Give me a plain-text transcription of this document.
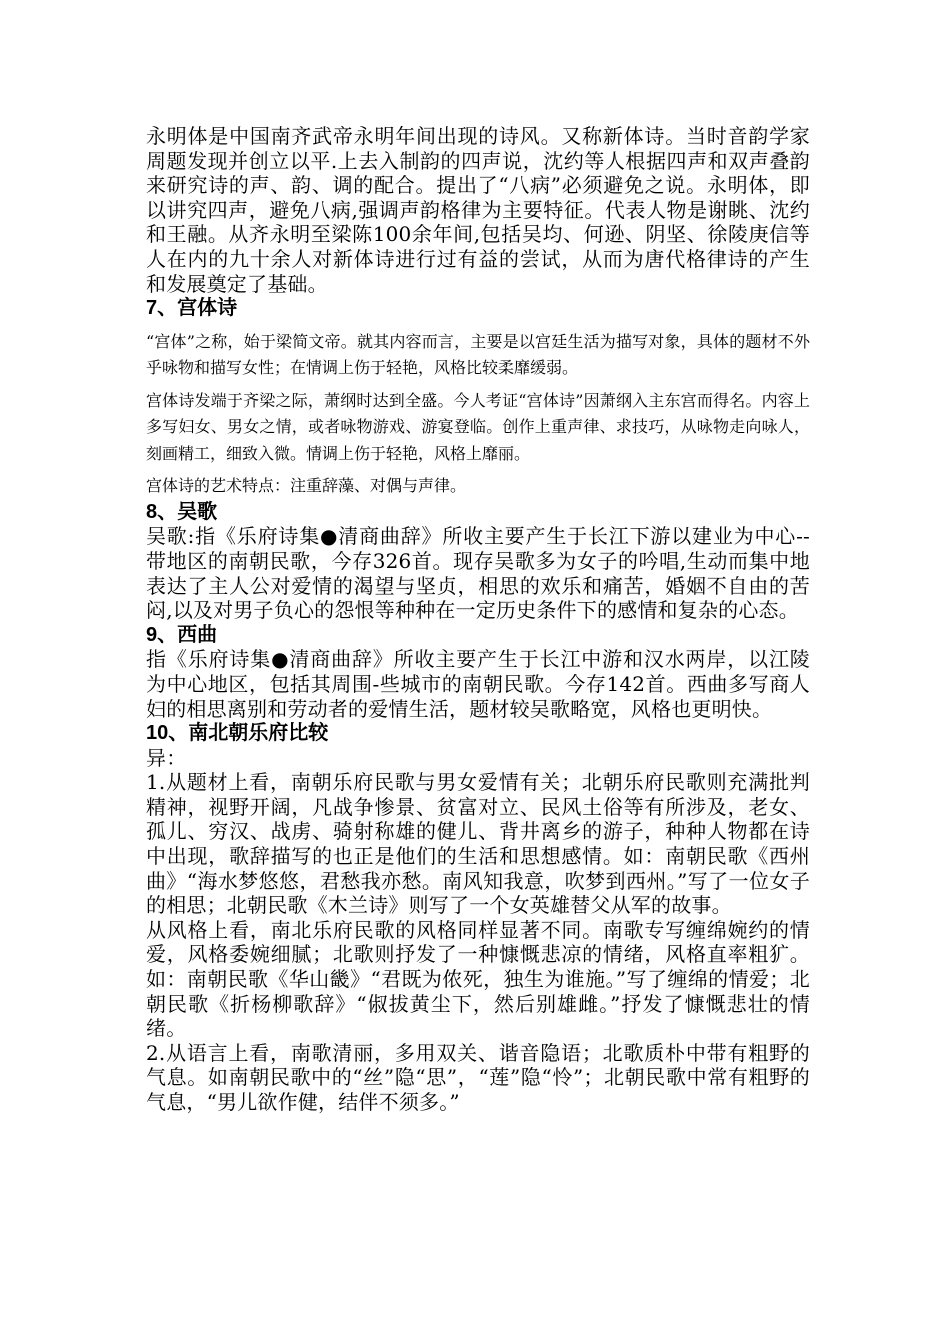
永明体是中国南齐武帝永明年间出现的诗风。又称新体诗。当时音韵学家周题发现并创立以平.上去入制韵的四声说，沈约等人根据四声和双声叠韵来研究诗的声、韵、调的配合。提出了“八病”必须避免之说。永明体，即以讲究四声，避免八病,强调声韵格律为主要特征。代表人物是谢眺、沈约和王融。从齐永明至梁陈100余年间,包括吴均、何逊、阴坚、徐陵庚信等人在内的九十余人对新体诗进行过有益的尝试，从而为唐代格律诗的产生和发展奠定了基础。

7、宫体诗

“宫体”之称，始于梁简文帝。就其内容而言，主要是以宫廷生活为描写对象，具体的题材不外乎咏物和描写女性；在情调上伤于轻艳，风格比较柔靡缓弱。

宫体诗发端于齐梁之际，萧纲时达到全盛。今人考证“宫体诗”因萧纲入主东宫而得名。内容上多写妇女、男女之情，或者咏物游戏、游宴登临。创作上重声律、求技巧，从咏物走向咏人，刻画精工，细致入微。情调上伤于轻艳，风格上靡丽。

宫体诗的艺术特点：注重辞藻、对偶与声律。

8、吴歌

吴歌:指《乐府诗集●清商曲辞》所收主要产生于长江下游以建业为中心--带地区的南朝民歌，今存326首。现存吴歌多为女子的吟唱,生动而集中地表达了主人公对爱情的渴望与坚贞，相思的欢乐和痛苦，婚姻不自由的苦闷,以及对男子负心的怨恨等种种在一定历史条件下的感情和复杂的心态。

9、西曲

指《乐府诗集●清商曲辞》所收主要产生于长江中游和汉水两岸，以江陵为中心地区，包括其周围-些城市的南朝民歌。今存142首。西曲多写商人妇的相思离别和劳动者的爱情生活，题材较吴歌略宽，风格也更明快。

10、南北朝乐府比较

异：

1.从题材上看，南朝乐府民歌与男女爱情有关；北朝乐府民歌则充满批判精神，视野开阔，凡战争惨景、贫富对立、民风土俗等有所涉及，老女、孤儿、穷汉、战虏、骑射称雄的健儿、背井离乡的游子，种种人物都在诗中出现，歌辞描写的也正是他们的生活和思想感情。如：南朝民歌《西州曲》“海水梦悠悠，君愁我亦愁。南风知我意，吹梦到西州。”写了一位女子的相思；北朝民歌《木兰诗》则写了一个女英雄替父从军的故事。

从风格上看，南北乐府民歌的风格同样显著不同。南歌专写缠绵婉约的情爱，风格委婉细腻；北歌则抒发了一种慷慨悲凉的情绪，风格直率粗犷。如：南朝民歌《华山畿》“君既为侬死，独生为谁施。”写了缠绵的情爱；北朝民歌《折杨柳歌辞》“俶拔黄尘下，然后别雄雌。”抒发了慷慨悲壮的情绪。

2.从语言上看，南歌清丽，多用双关、谐音隐语；北歌质朴中带有粗野的气息。如南朝民歌中的“丝”隐“思”，“莲”隐“怜”；北朝民歌中常有粗野的气息，“男儿欲作健，结伴不须多。”
